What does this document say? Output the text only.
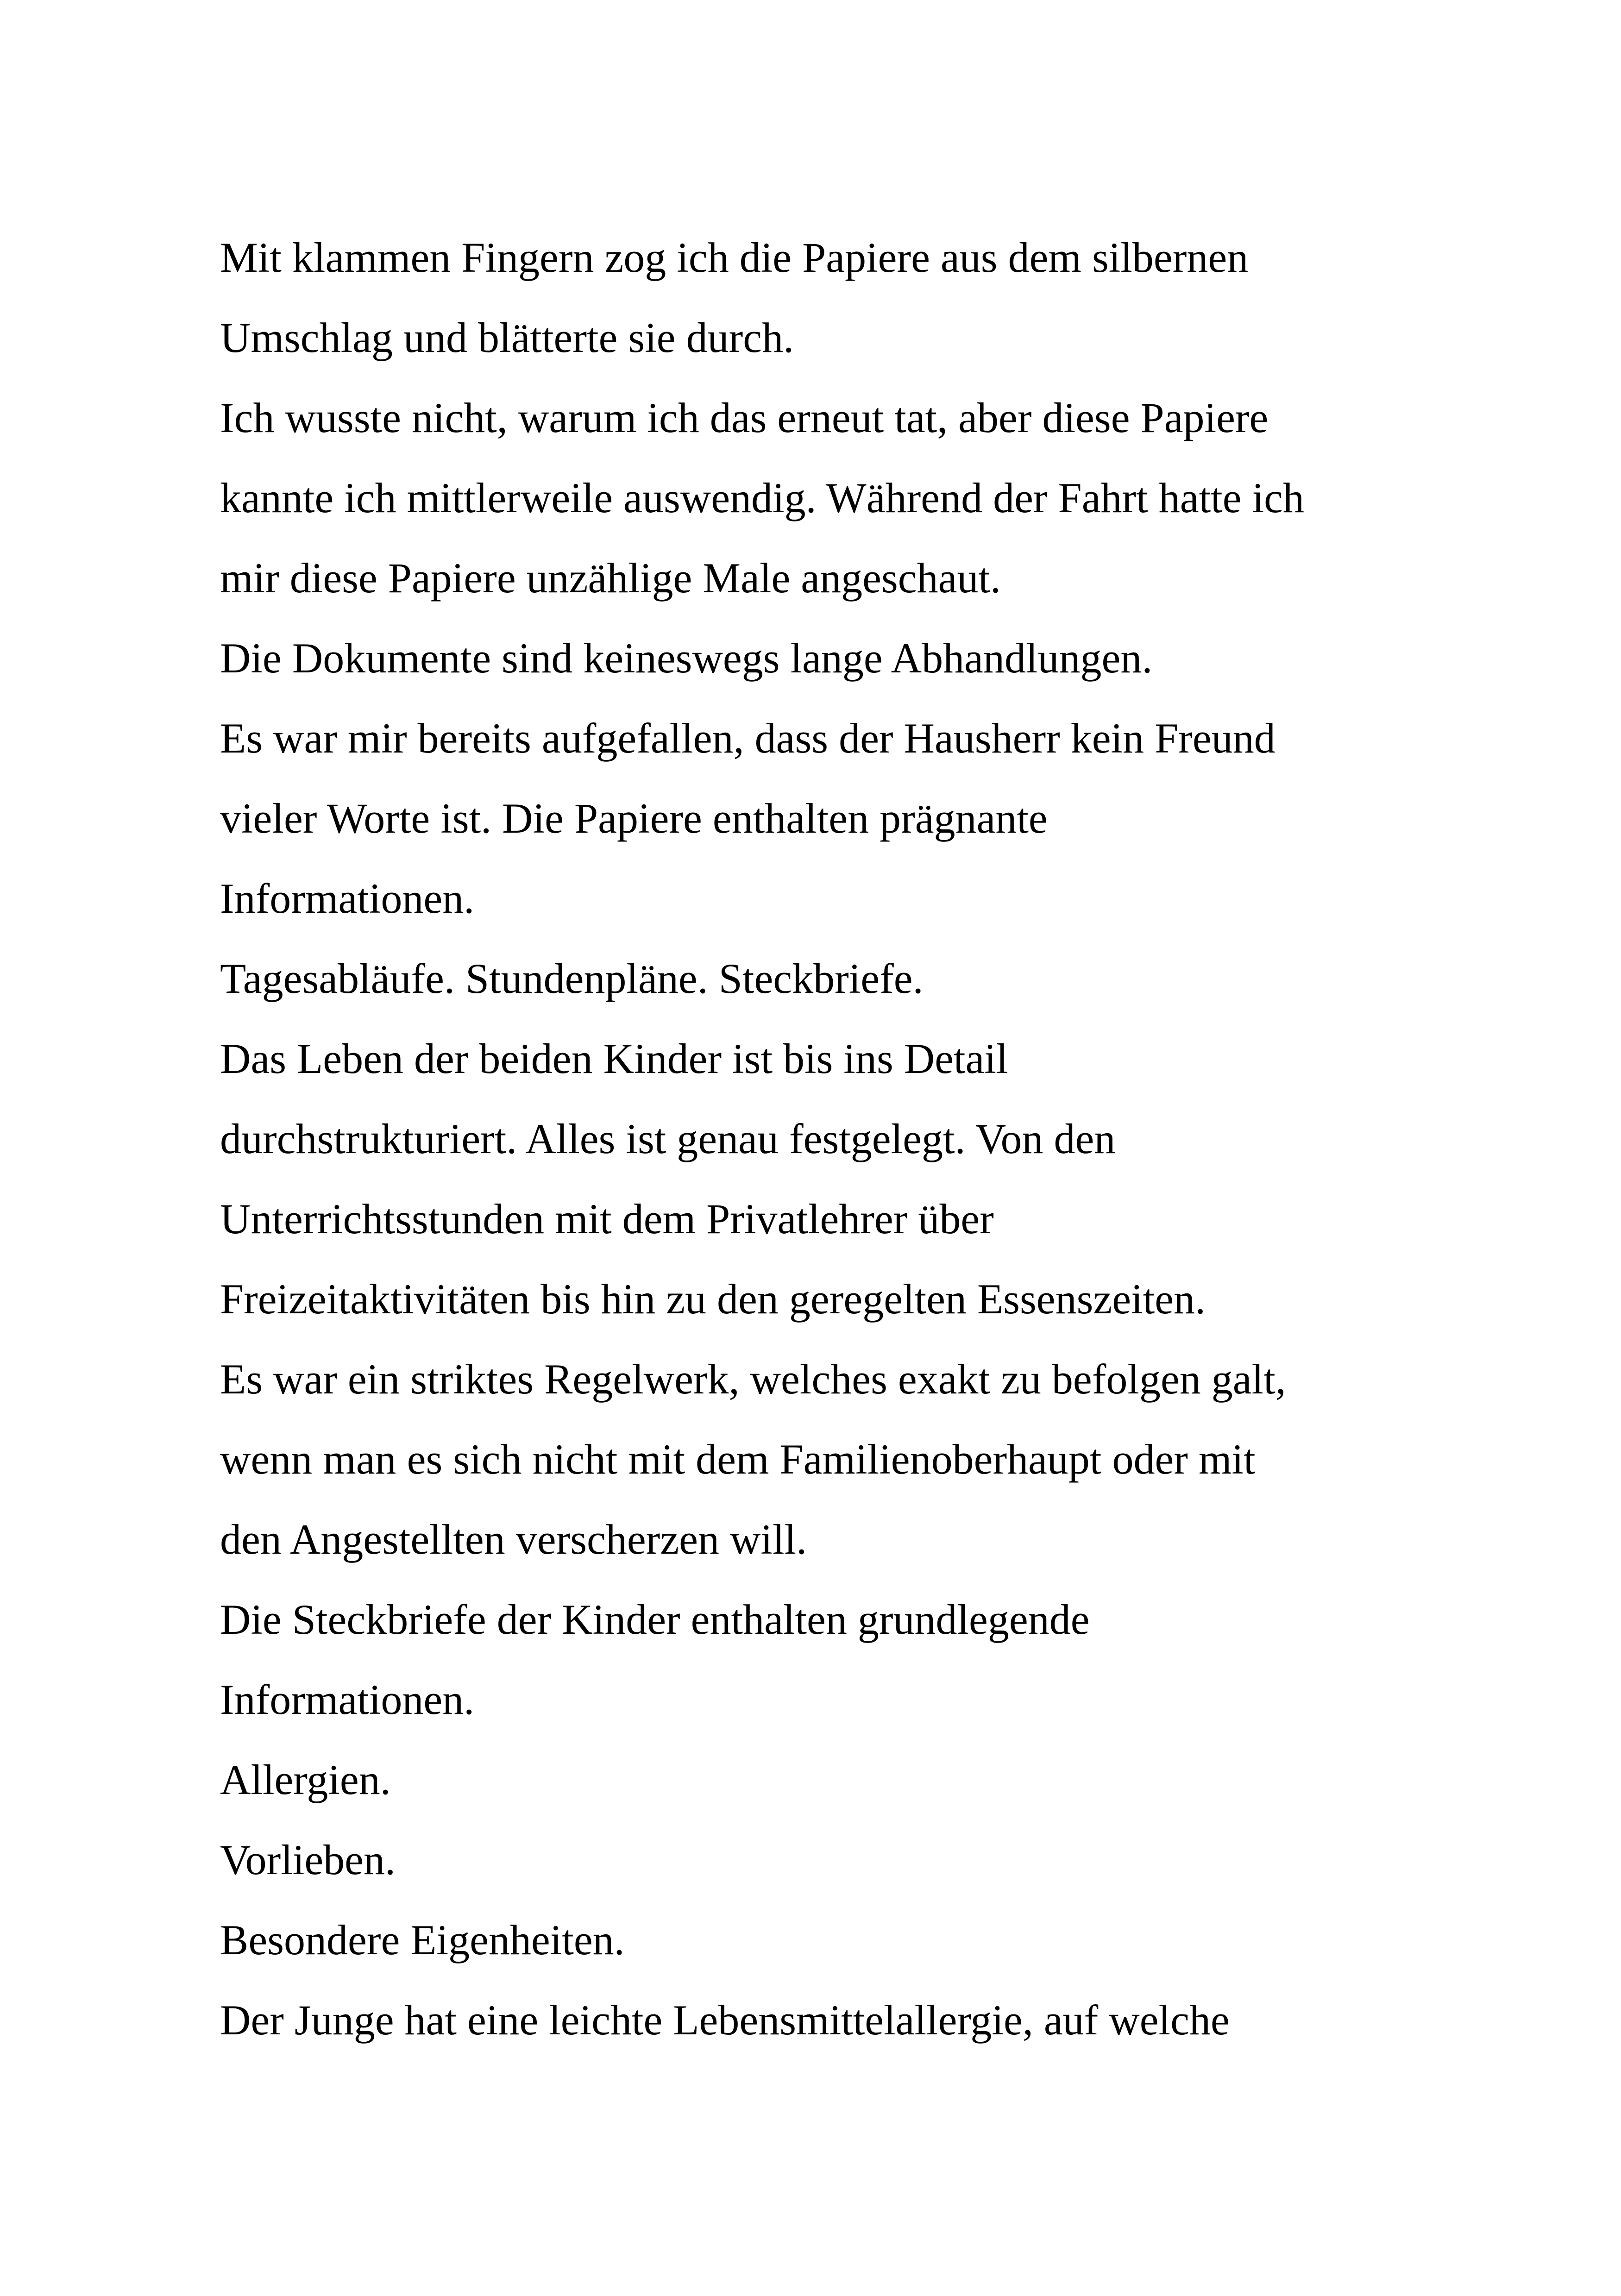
Mit klammen Fingern zog ich die Papiere aus dem silbernen
Umschlag und blätterte sie durch.
Ich wusste nicht, warum ich das erneut tat, aber diese Papiere
kannte ich mittlerweile auswendig. Während der Fahrt hatte ich
mir diese Papiere unzählige Male angeschaut.
Die Dokumente sind keineswegs lange Abhandlungen.
Es war mir bereits aufgefallen, dass der Hausherr kein Freund
vieler Worte ist. Die Papiere enthalten prägnante
Informationen.
Tagesabläufe. Stundenpläne. Steckbriefe.
Das Leben der beiden Kinder ist bis ins Detail
durchstrukturiert. Alles ist genau festgelegt. Von den
Unterrichtsstunden mit dem Privatlehrer über
Freizeitaktivitäten bis hin zu den geregelten Essenszeiten.
Es war ein striktes Regelwerk, welches exakt zu befolgen galt,
wenn man es sich nicht mit dem Familienoberhaupt oder mit
den Angestellten verscherzen will.
Die Steckbriefe der Kinder enthalten grundlegende
Informationen.
Allergien.
Vorlieben.
Besondere Eigenheiten.
Der Junge hat eine leichte Lebensmittelallergie, auf welche
